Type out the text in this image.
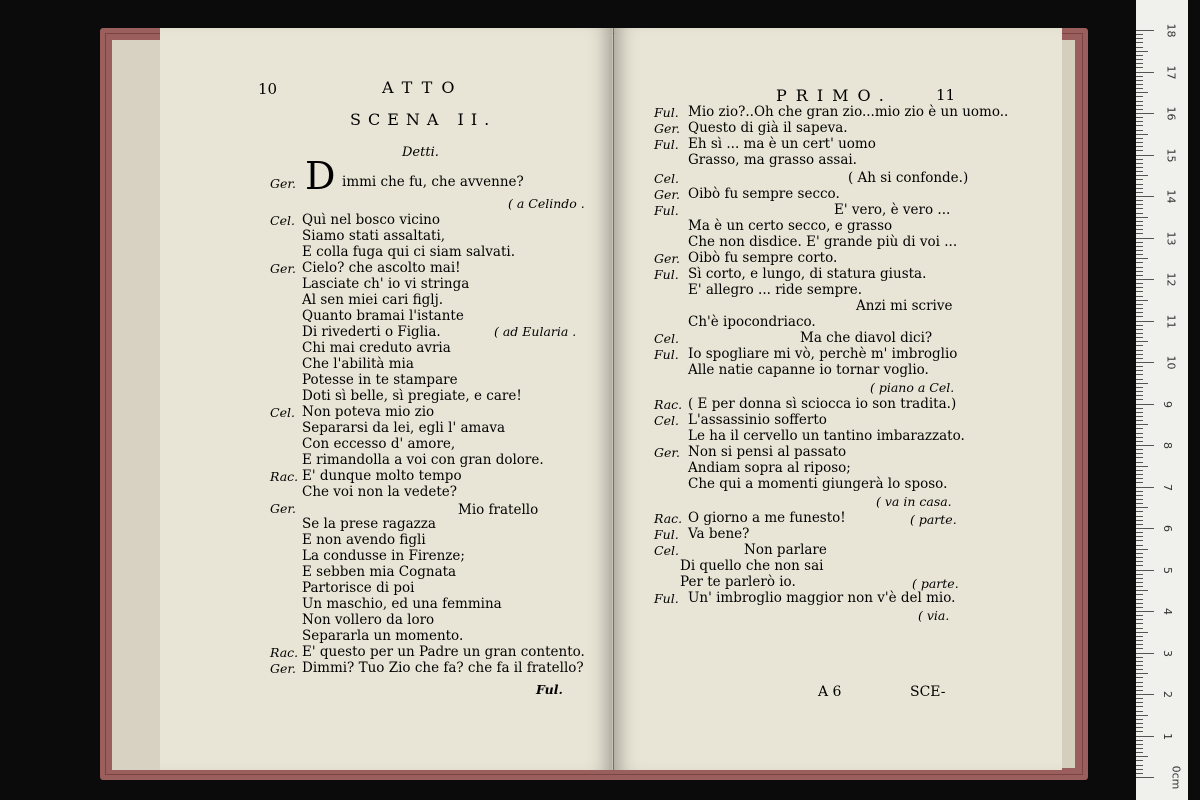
10	ATTO
SCENA II.
Detti.
D
Ger.	immi che fu, che avvenne?
( a Celindo .
Cel. Quì nel bosco vicino
Siamo stati assaltati,
E colla fuga qui ci siam salvati.
Ger. Cielo? che ascolto mai!
Lasciate ch' io vi stringa
Al sen miei cari figlj.
Quanto bramai l'istante
Di rivederti o Figlia.	( ad Eularia .
Chi mai creduto avria
Che l'abilità mia
Potesse in te stampare
Doti sì belle, sì pregiate, e care!
Cel. Non poteva mio zio
Separarsi da lei, egli l' amava
Con eccesso d' amore,
E rimandolla a voi con gran dolore.
Rac. E' dunque molto tempo
Che voi non la vedete?
Ger.	Mio fratello
Se la prese ragazza
E non avendo figli
La condusse in Firenze;
E sebben mia Cognata
Partorisce di poi
Un maschio, ed una femmina
Non vollero da loro
Separarla un momento.
Rac. E' questo per un Padre un gran contento.
Ger. Dimmi? Tuo Zio che fa? che fa il fratello?
Ful.
PRIMO.	11
Ful. Mio zio?..Oh che gran zio...mio zio è un uomo..
Ger. Questo di già il sapeva.
Ful. Eh sì ... ma è un cert' uomo
Grasso, ma grasso assai.
Cel.	( Ah si confonde.)
Ger. Oibò fu sempre secco.
Ful.	E' vero, è vero ...
Ma è un certo secco, e grasso
Che non disdice. E' grande più di voi ...
Ger. Oibò fu sempre corto.
Ful. Sì corto, e lungo, di statura giusta.
E' allegro ... ride sempre.
Anzi mi scrive
Ch'è ipocondriaco.
Cel.	Ma che diavol dici?
Ful. Io spogliare mi vò, perchè m' imbroglio
Alle natie capanne io tornar voglio.
( piano a Cel.
Rac. ( E per donna sì sciocca io son tradita.)
Cel. L'assassinio sofferto
Le ha il cervello un tantino imbarazzato.
Ger. Non si pensi al passato
Andiam sopra al riposo;
Che qui a momenti giungerà lo sposo.
( va in casa.
Rac. O giorno a me funesto!	( parte.
Ful. Va bene?
Cel.	Non parlare
Di quello che non sai
Per te parlerò io.	( parte.
Ful. Un' imbroglio maggior non v'è del mio.
( via.
A 6	SCE-
18
17
16
15
14
13
12
11
10
9
8
7
6
5
4
3
2
1
0cm
